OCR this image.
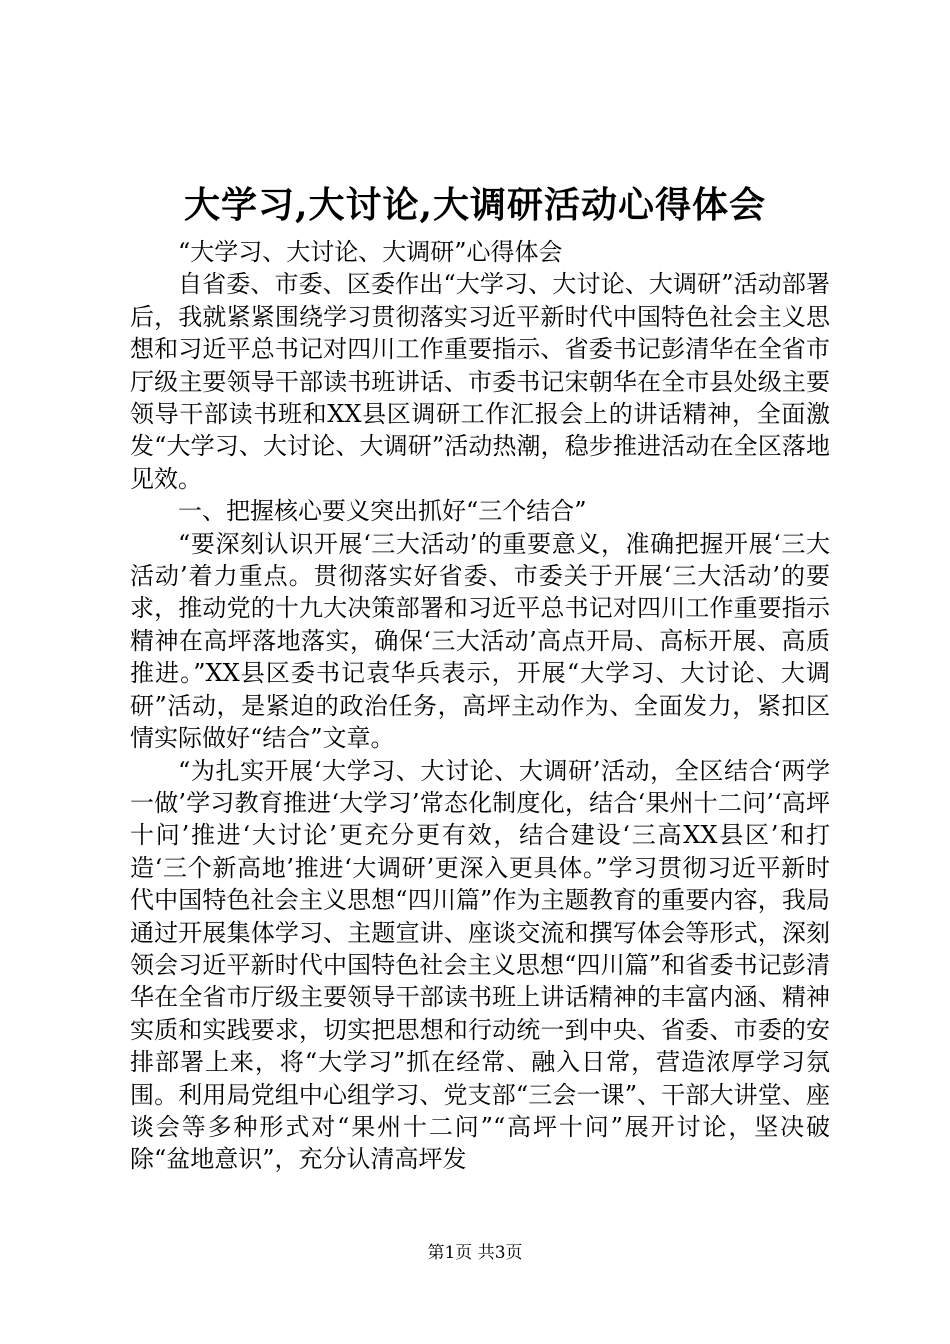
大学习,大讨论,大调研活动心得体会

“大学习、大讨论、大调研”心得体会

自省委、市委、区委作出“大学习、大讨论、大调研”活动部署后，我就紧紧围绕学习贯彻落实习近平新时代中国特色社会主义思想和习近平总书记对四川工作重要指示、省委书记彭清华在全省市厅级主要领导干部读书班讲话、市委书记宋朝华在全市县处级主要领导干部读书班和XX县区调研工作汇报会上的讲话精神，全面激发“大学习、大讨论、大调研”活动热潮，稳步推进活动在全区落地见效。

一、把握核心要义突出抓好“三个结合”

“要深刻认识开展‘三大活动’的重要意义，准确把握开展‘三大活动’着力重点。贯彻落实好省委、市委关于开展‘三大活动’的要求，推动党的十九大决策部署和习近平总书记对四川工作重要指示精神在高坪落地落实，确保‘三大活动’高点开局、高标开展、高质推进。”XX县区委书记袁华兵表示，开展“大学习、大讨论、大调研”活动，是紧迫的政治任务，高坪主动作为、全面发力，紧扣区情实际做好“结合”文章。

“为扎实开展‘大学习、大讨论、大调研’活动，全区结合‘两学一做’学习教育推进‘大学习’常态化制度化，结合‘果州十二问’‘高坪十问’推进‘大讨论’更充分更有效，结合建设‘三高XX县区’和打造‘三个新高地’推进‘大调研’更深入更具体。”学习贯彻习近平新时代中国特色社会主义思想“四川篇”作为主题教育的重要内容，我局通过开展集体学习、主题宣讲、座谈交流和撰写体会等形式，深刻领会习近平新时代中国特色社会主义思想“四川篇”和省委书记彭清华在全省市厅级主要领导干部读书班上讲话精神的丰富内涵、精神实质和实践要求，切实把思想和行动统一到中央、省委、市委的安排部署上来，将“大学习”抓在经常、融入日常，营造浓厚学习氛围。利用局党组中心组学习、党支部“三会一课”、干部大讲堂、座谈会等多种形式对“果州十二问”“高坪十问”展开讨论，坚决破除“盆地意识”，充分认清高坪发

第1页 共3页
